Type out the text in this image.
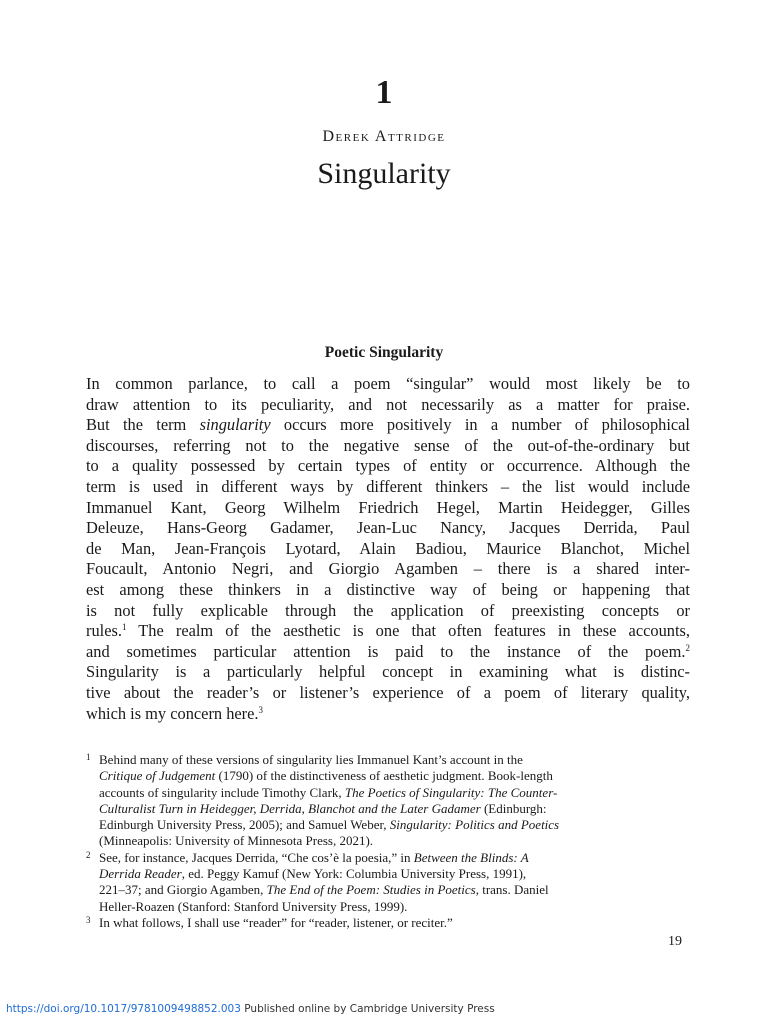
1
Derek Attridge
Singularity
Poetic Singularity
In common parlance, to call a poem “singular” would most likely be to
draw attention to its peculiarity, and not necessarily as a matter for praise.
But the term singularity occurs more positively in a number of philosophical
discourses, referring not to the negative sense of the out-of-the-ordinary but
to a quality possessed by certain types of entity or occurrence. Although the
term is used in different ways by different thinkers – the list would include
Immanuel Kant, Georg Wilhelm Friedrich Hegel, Martin Heidegger, Gilles
Deleuze, Hans-Georg Gadamer, Jean-Luc Nancy, Jacques Derrida, Paul
de Man, Jean-François Lyotard, Alain Badiou, Maurice Blanchot, Michel
Foucault, Antonio Negri, and Giorgio Agamben – there is a shared inter-
est among these thinkers in a distinctive way of being or happening that
is not fully explicable through the application of preexisting concepts or
rules.$^1$ The realm of the aesthetic is one that often features in these accounts,
and sometimes particular attention is paid to the instance of the poem.$^2$
Singularity is a particularly helpful concept in examining what is distinc-
tive about the reader’s or listener’s experience of a poem of literary quality,
which is my concern here.$^3$
1 Behind many of these versions of singularity lies Immanuel Kant’s account in the
Critique of Judgement (1790) of the distinctiveness of aesthetic judgment. Book-length
accounts of singularity include Timothy Clark, The Poetics of Singularity: The Counter-
Culturalist Turn in Heidegger, Derrida, Blanchot and the Later Gadamer (Edinburgh:
Edinburgh University Press, 2005); and Samuel Weber, Singularity: Politics and Poetics
(Minneapolis: University of Minnesota Press, 2021).
2 See, for instance, Jacques Derrida, “Che cos’è la poesia,” in Between the Blinds: A
Derrida Reader, ed. Peggy Kamuf (New York: Columbia University Press, 1991),
221–37; and Giorgio Agamben, The End of the Poem: Studies in Poetics, trans. Daniel
Heller-Roazen (Stanford: Stanford University Press, 1999).
3 In what follows, I shall use “reader” for “reader, listener, or reciter.”
19
https://doi.org/10.1017/9781009498852.003 Published online by Cambridge University Press
